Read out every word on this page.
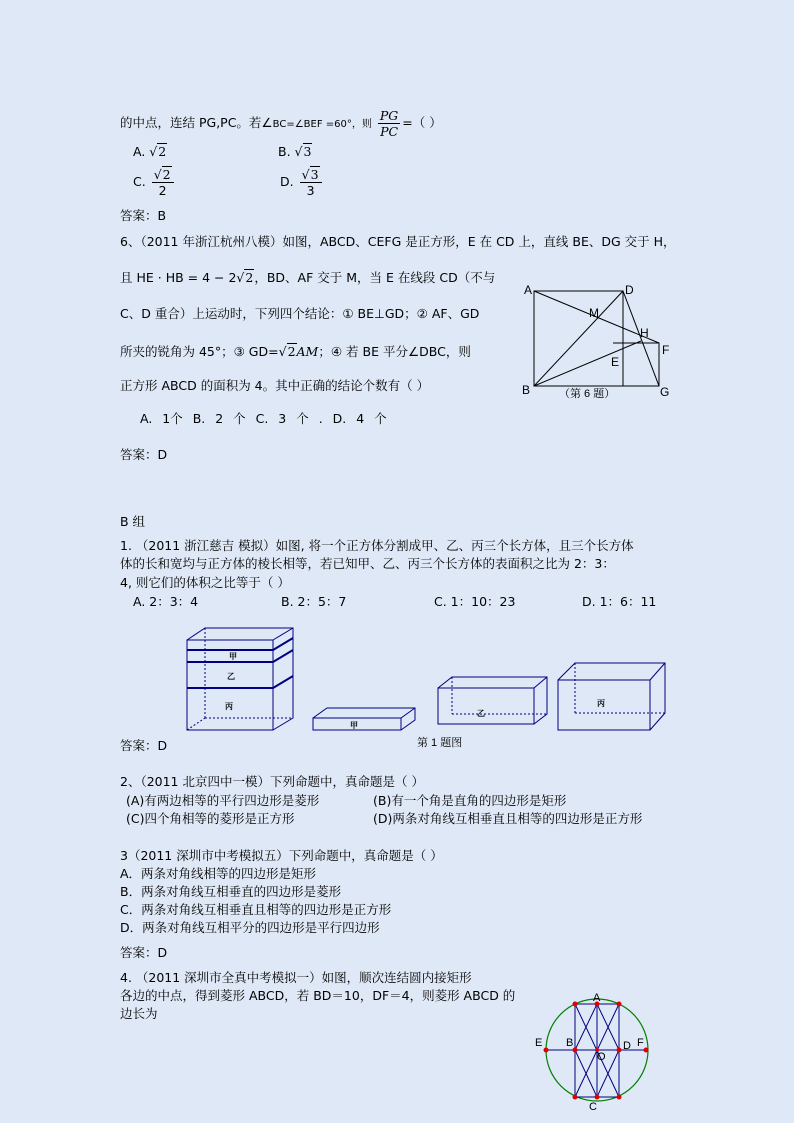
的中点，连结 PG,PC。若∠BC=∠BEF =60°，则 $\frac{PG}{PC}$ =（ ）
A. √2	B. √3
C. $\frac{√2}{2}$	D. $\frac{√3}{3}$
答案：B
6、（2011 年浙江杭州八模）如图，ABCD、CEFG 是正方形，E 在 CD 上，直线 BE、DG 交于 H，
且 HE · HB = 4 − 2√2，BD、AF 交于 M，当 E 在线段 CD（不与
C、D 重合）上运动时，下列四个结论：① BE⊥GD；② AF、GD
所夹的锐角为 45°；③ GD=√2AM；④ 若 BE 平分∠DBC，则
正方形 ABCD 的面积为 4。其中正确的结论个数有（ ）
A. 1个 B. 2 个 C. 3 个 . D. 4 个
答案：D
A	D
M
H
F
E
B	G
（第 6 题）
B 组
1. （2011 浙江慈吉 模拟）如图, 将一个正方体分割成甲、乙、丙三个长方体，且三个长方体
体的长和宽均与正方体的棱长相等，若已知甲、乙、丙三个长方体的表面积之比为 2：3：
4, 则它们的体积之比等于（ ）
A. 2：3：4	B. 2：5：7	C. 1：10：23	D. 1：6：11
甲
乙
丙
甲
乙
丙
第 1 题图
答案：D
2、（2011 北京四中一模）下列命题中，真命题是（ ）
(A)有两边相等的平行四边形是菱形	(B)有一个角是直角的四边形是矩形
(C)四个角相等的菱形是正方形	(D)两条对角线互相垂直且相等的四边形是正方形
3（2011 深圳市中考模拟五）下列命题中，真命题是（ ）
A．两条对角线相等的四边形是矩形
B．两条对角线互相垂直的四边形是菱形
C．两条对角线互相垂直且相等的四边形是正方形
D．两条对角线互相平分的四边形是平行四边形
答案：D
4. （2011 深圳市全真中考模拟一）如图，顺次连结圆内接矩形
各边的中点，得到菱形 ABCD，若 BD＝10，DF＝4，则菱形 ABCD 的
边长为
A
E B
O
D F
C
